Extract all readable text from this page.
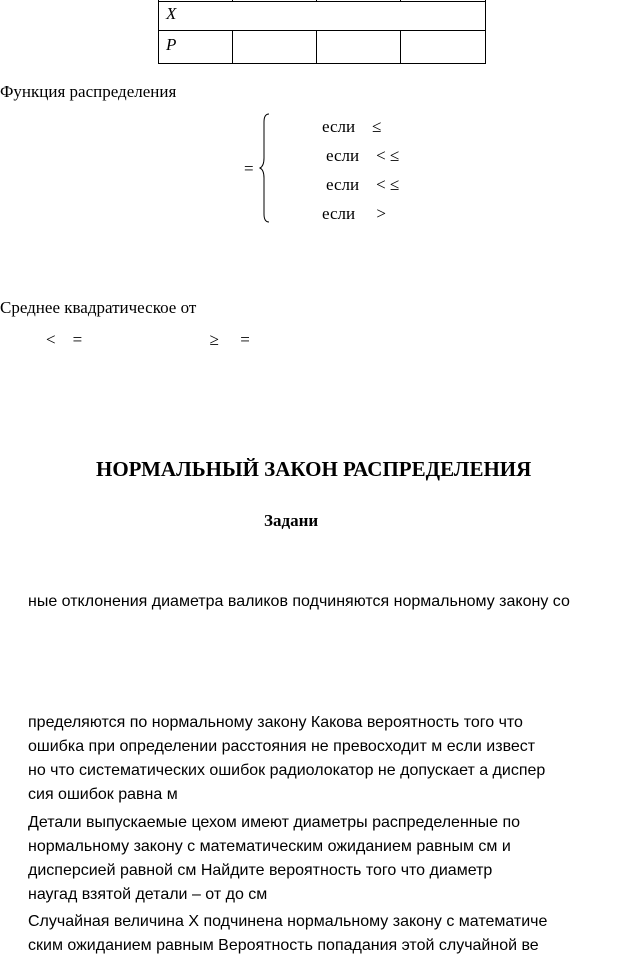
X
P
Функция распределения
=
если ≤
если < ≤
если < ≤
если >
Среднее квадратическое от
<    =                              ≥     =
НОРМАЛЬНЫЙ ЗАКОН РАСПРЕДЕЛЕНИЯ
Задани
ные отклонения диаметра валиков подчиняются нормальному закону со
пределяются по нормальному закону Какова вероятность того что
ошибка при определении расстояния не превосходит м если извест
но что систематических ошибок радиолокатор не допускает а диспер
сия ошибок равна м
Детали выпускаемые цехом имеют диаметры распределенные по
нормальному закону с математическим ожиданием равным см и
дисперсией равной см Найдите вероятность того что диаметр
наугад взятой детали – от до см
Случайная величина X подчинена нормальному закону с математиче
ским ожиданием равным Вероятность попадания этой случайной ве
